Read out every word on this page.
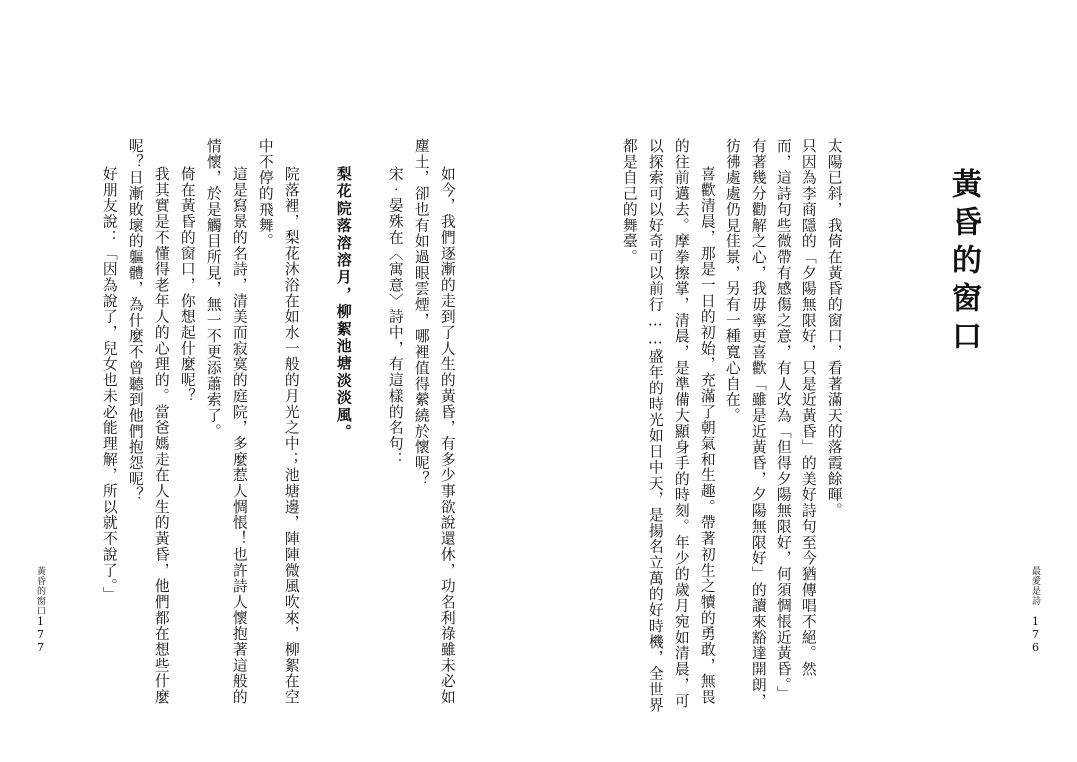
黃昏的窗口
太陽已斜，我倚在黃昏的窗口，看著滿天的落霞餘暉。
只因為李商隱的「夕陽無限好，只是近黃昏」的美好詩句至今猶傳唱不絕。然
而，這詩句些微帶有感傷之意，有人改為「但得夕陽無限好，何須惆悵近黃昏。」
有著幾分勸解之心，我毋寧更喜歡「雖是近黃昏，夕陽無限好」的讀來豁達開朗，
彷彿處處仍見佳景，另有一種寬心自在。
喜歡清晨，那是一日的初始，充滿了朝氣和生趣。帶著初生之犢的勇敢，無畏
的往前邁去。摩拳擦掌，清晨，是準備大顯身手的時刻。年少的歲月宛如清晨，可
以探索可以好奇可以前行……盛年的時光如日中天，是揚名立萬的好時機，全世界
都是自己的舞臺。
最愛是詩
176
如今，我們逐漸的走到了人生的黃昏，有多少事欲說還休，功名利祿雖未必如
塵土，卻也有如過眼雲煙，哪裡值得縈繞於懷呢？
宋‧晏殊在〈寓意〉詩中，有這樣的名句：
梨花院落溶溶月，柳絮池塘淡淡風。
院落裡，梨花沐浴在如水一般的月光之中；池塘邊，陣陣微風吹來，柳絮在空
中不停的飛舞。
這是寫景的名詩，清美而寂寞的庭院，多麼惹人惆悵！也許詩人懷抱著這般的
情懷，於是觸目所見，無一不更添蕭索了。
倚在黃昏的窗口，你想起什麼呢？
我其實是不懂得老年人的心理的。當爸媽走在人生的黃昏，他們都在想些什麼
呢？日漸敗壞的軀體，為什麼不曾聽到他們抱怨呢？
好朋友說：「因為說了，兒女也未必能理解，所以就不說了。」
黃昏的窗口
177
